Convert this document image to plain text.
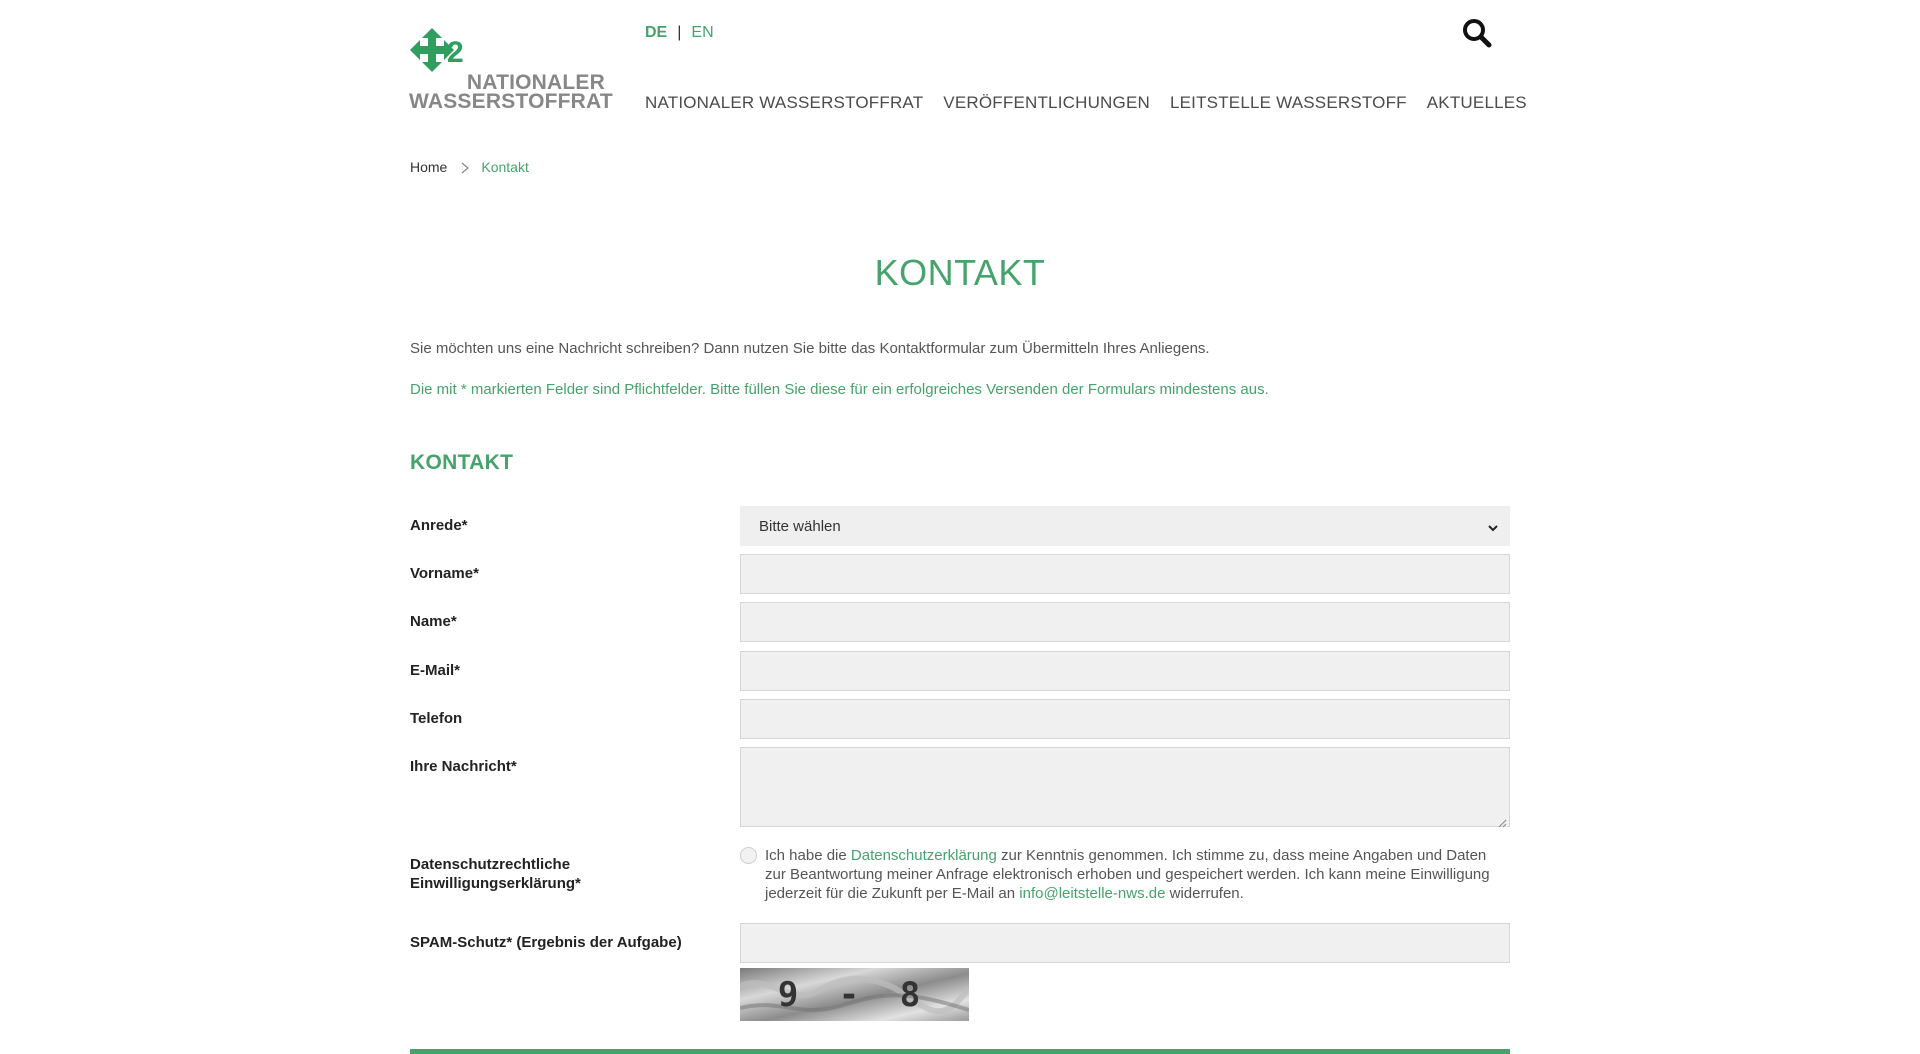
2
NATIONALER
WASSERSTOFFRAT
DE | EN
NATIONALER WASSERSTOFFRAT VERÖFFENTLICHUNGEN LEITSTELLE WASSERSTOFF AKTUELLES
Home Kontakt
KONTAKT
Sie möchten uns eine Nachricht schreiben? Dann nutzen Sie bitte das Kontaktformular zum Übermitteln Ihres Anliegens.
Die mit * markierten Felder sind Pflichtfelder. Bitte füllen Sie diese für ein erfolgreiches Versenden der Formulars mindestens aus.
KONTAKT
Anrede*	Bitte wählen
Vorname*
Name*
E-Mail*
Telefon
Ihre Nachricht*
Datenschutzrechtliche Einwilligungserklärung*
Ich habe die Datenschutzerklärung zur Kenntnis genommen. Ich stimme zu, dass meine Angaben und Daten zur Beantwortung meiner Anfrage elektronisch erhoben und gespeichert werden. Ich kann meine Einwilligung jederzeit für die Zukunft per E-Mail an info@leitstelle-nws.de widerrufen.
SPAM-Schutz* (Ergebnis der Aufgabe)
9 - 8
